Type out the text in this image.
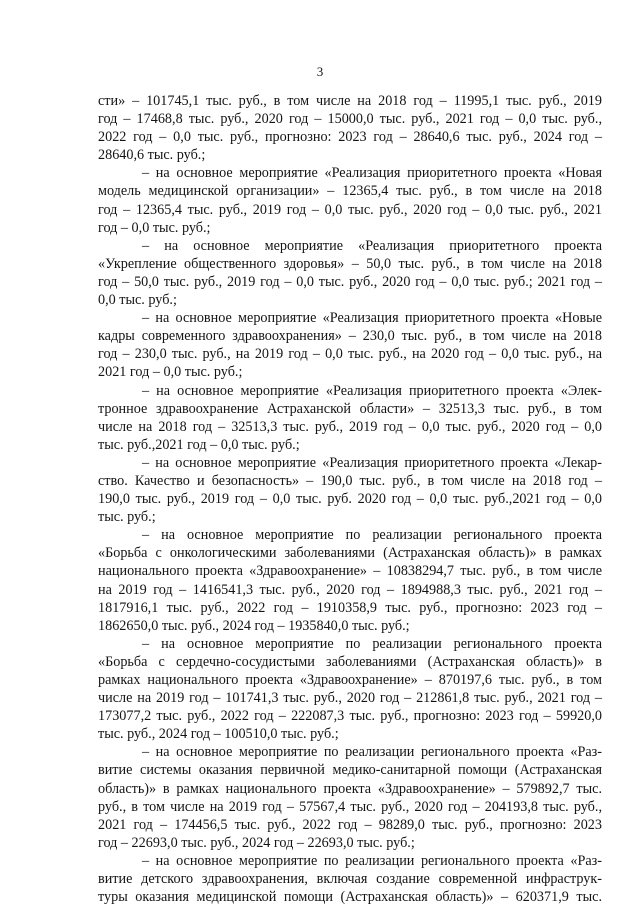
3
сти» – 101745,1 тыс. руб., в том числе на 2018 год – 11995,1 тыс. руб., 2019
год – 17468,8 тыс. руб., 2020 год – 15000,0 тыс. руб., 2021 год – 0,0 тыс. руб.,
2022 год – 0,0 тыс. руб., прогнозно: 2023 год – 28640,6 тыс. руб., 2024 год –
28640,6 тыс. руб.;
– на основное мероприятие «Реализация приоритетного проекта «Новая
модель медицинской организации» – 12365,4 тыс. руб., в том числе на 2018
год – 12365,4 тыс. руб., 2019 год – 0,0 тыс. руб., 2020 год – 0,0 тыс. руб., 2021
год – 0,0 тыс. руб.;
– на основное мероприятие «Реализация приоритетного проекта
«Укрепление общественного здоровья» – 50,0 тыс. руб., в том числе на 2018
год – 50,0 тыс. руб., 2019 год – 0,0 тыс. руб., 2020 год – 0,0 тыс. руб.; 2021 год –
0,0 тыс. руб.;
– на основное мероприятие «Реализация приоритетного проекта «Новые
кадры современного здравоохранения» – 230,0 тыс. руб., в том числе на 2018
год – 230,0 тыс. руб., на 2019 год – 0,0 тыс. руб., на 2020 год – 0,0 тыс. руб., на
2021 год – 0,0 тыс. руб.;
– на основное мероприятие «Реализация приоритетного проекта «Элек-
тронное здравоохранение Астраханской области» – 32513,3 тыс. руб., в том
числе на 2018 год – 32513,3 тыс. руб., 2019 год – 0,0 тыс. руб., 2020 год – 0,0
тыс. руб.,2021 год – 0,0 тыс. руб.;
– на основное мероприятие «Реализация приоритетного проекта «Лекар-
ство. Качество и безопасность» – 190,0 тыс. руб., в том числе на 2018 год –
190,0 тыс. руб., 2019 год – 0,0 тыс. руб. 2020 год – 0,0 тыс. руб.,2021 год – 0,0
тыс. руб.;
– на основное мероприятие по реализации регионального проекта
«Борьба с онкологическими заболеваниями (Астраханская область)» в рамках
национального проекта «Здравоохранение» – 10838294,7 тыс. руб., в том числе
на 2019 год – 1416541,3 тыс. руб., 2020 год – 1894988,3 тыс. руб., 2021 год –
1817916,1 тыс. руб., 2022 год – 1910358,9 тыс. руб., прогнозно: 2023 год –
1862650,0 тыс. руб., 2024 год – 1935840,0 тыс. руб.;
– на основное мероприятие по реализации регионального проекта
«Борьба с сердечно-сосудистыми заболеваниями (Астраханская область)» в
рамках национального проекта «Здравоохранение» – 870197,6 тыс. руб., в том
числе на 2019 год – 101741,3 тыс. руб., 2020 год – 212861,8 тыс. руб., 2021 год –
173077,2 тыс. руб., 2022 год – 222087,3 тыс. руб., прогнозно: 2023 год – 59920,0
тыс. руб., 2024 год – 100510,0 тыс. руб.;
– на основное мероприятие по реализации регионального проекта «Раз-
витие системы оказания первичной медико-санитарной помощи (Астраханская
область)» в рамках национального проекта «Здравоохранение» – 579892,7 тыс.
руб., в том числе на 2019 год – 57567,4 тыс. руб., 2020 год – 204193,8 тыс. руб.,
2021 год – 174456,5 тыс. руб., 2022 год – 98289,0 тыс. руб., прогнозно: 2023
год – 22693,0 тыс. руб., 2024 год – 22693,0 тыс. руб.;
– на основное мероприятие по реализации регионального проекта «Раз-
витие детского здравоохранения, включая создание современной инфраструк-
туры оказания медицинской помощи (Астраханская область)» – 620371,9 тыс.
